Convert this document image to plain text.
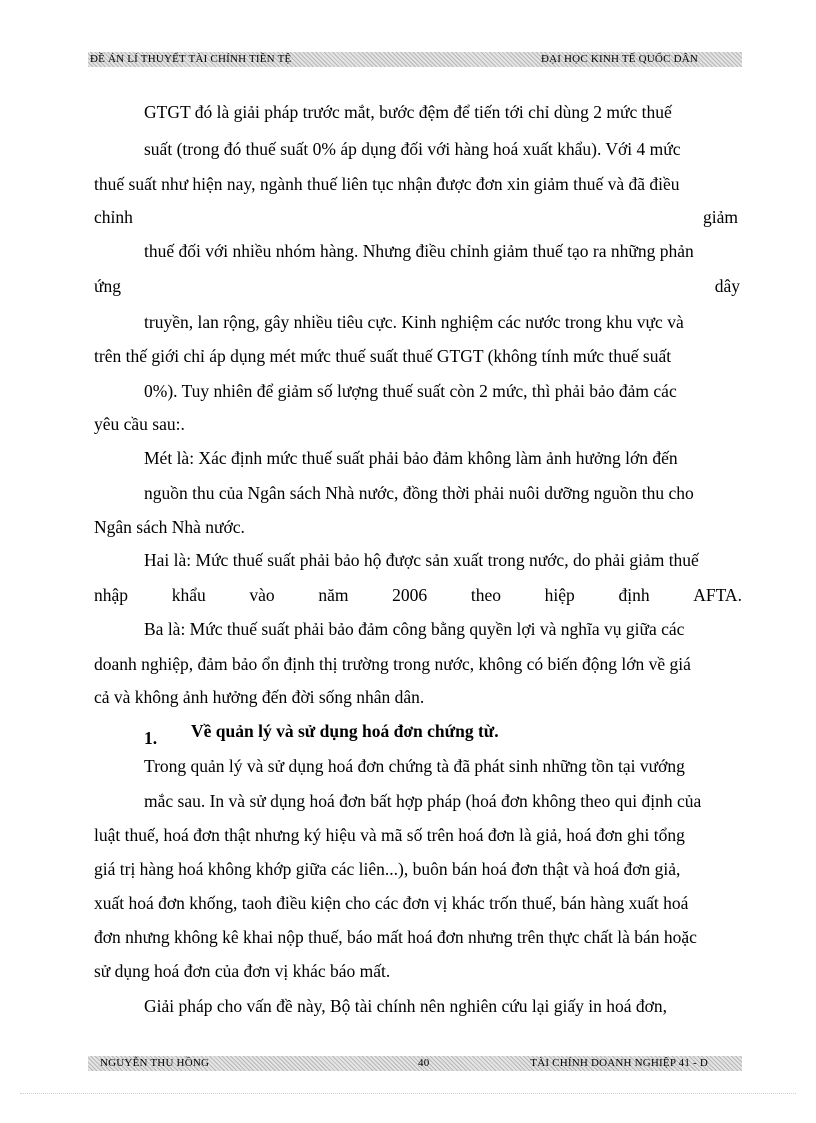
ĐỀ ÁN LÍ THUYẾT TÀI CHÍNH TIỀN TỆ	ĐẠI HỌC KINH TẾ QUỐC DÂN
GTGT đó là giải pháp trước mắt, bước đệm để tiến tới chỉ dùng 2 mức thuế
suất (trong đó thuế suất 0% áp dụng đối với hàng hoá xuất khẩu). Với 4 mức
thuế suất như hiện nay, ngành thuế liên tục nhận được đơn xin giảm thuế và đã điều
chỉnh	giảm
thuế đối với nhiều nhóm hàng. Nhưng điều chỉnh giảm thuế tạo ra những phản
ứng	dây
truyền, lan rộng, gây nhiều tiêu cực. Kinh nghiệm các nước trong khu vực và
trên thế giới chỉ áp dụng mét mức thuế suất thuế GTGT (không tính mức thuế suất
0%). Tuy nhiên để giảm số lượng thuế suất còn 2 mức, thì phải bảo đảm các
yêu cầu sau:.
Mét là: Xác định mức thuế suất phải bảo đảm không làm ảnh hưởng lớn đến
nguồn thu của Ngân sách Nhà nước, đồng thời phải nuôi dưỡng nguồn thu cho
Ngân sách Nhà nước.
Hai là: Mức thuế suất phải bảo hộ được sản xuất trong nước, do phải giảm thuế
nhập khẩu vào năm 2006 theo hiệp định AFTA.
Ba là: Mức thuế suất phải bảo đảm công bằng quyền lợi và nghĩa vụ giữa các
doanh nghiệp, đảm bảo ổn định thị trường trong nước, không có biến động lớn về giá
cả và không ảnh hưởng đến đời sống nhân dân.
1. Về quản lý và sử dụng hoá đơn chứng từ.
Trong quản lý và sử dụng hoá đơn chứng tà đã phát sinh những tồn tại vướng
mắc sau. In và sử dụng hoá đơn bất hợp pháp (hoá đơn không theo qui định của
luật thuế, hoá đơn thật nhưng ký hiệu và mã số trên hoá đơn là giả, hoá đơn ghi tổng
giá trị hàng hoá không khớp giữa các liên...), buôn bán hoá đơn thật và hoá đơn giả,
xuất hoá đơn khống, taoh điều kiện cho các đơn vị khác trốn thuế, bán hàng xuất hoá
đơn nhưng không kê khai nộp thuế, báo mất hoá đơn nhưng trên thực chất là bán hoặc
sử dụng hoá đơn của đơn vị khác báo mất.
Giải pháp cho vấn đề này, Bộ tài chính nên nghiên cứu lại giấy in hoá đơn,
NGUYỄN THU HỒNG	40	TÀI CHÍNH DOANH NGHIỆP 41 - D
